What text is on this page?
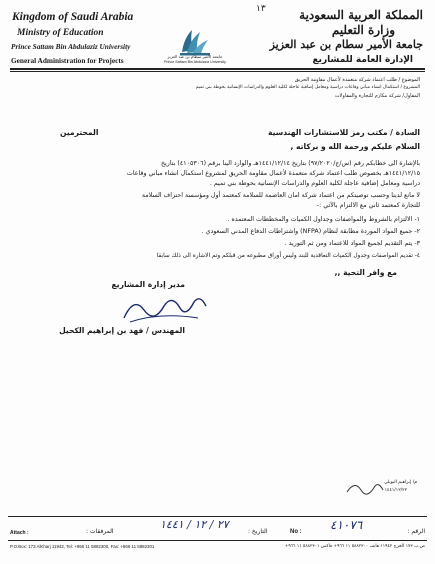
١٣
Kingdom of Saudi Arabia
Ministry of Education
Prince Sattam Bin Abdulaziz University
General Administration for Projects	جامعة الأمير سطام بن عبد العزيز
Prince Sattam Bin Abdulaziz University
المملكة العربية السعودية
وزارة التعليم
جامعة الأمير سطام بن عبد العزيز
الإدارة العامة للمشاريع
الموضوع / طلب اعتماد شركة متعمدة لأعمال مقاومة الحريق
المشروع / استكمال انشاء مباني وقاعات دراسية ومعامل إضافية عاجلة لكلية العلوم والدراسات الإنسانية بحوطة بني تميم
المقاول/ شركة مكارم للتجارة والمقاولات
السادة / مكتب رمز للاستشارات الهندسية
المحترمين
السلام عليكم ورحمة الله و بركاته ,
بالإشارة الى خطابكم رقم (س/ج/٩٧/٢٠٢٠) بتاريخ ١٤٤١/١٢/١٤هـ والوارد الينا برقم (٤١٠٥٣٠٦) بتاريخ
١٤٤١/١٢/١٥هـ بخصوص طلب اعتماد شركة متعمدة لأعمال مقاومة الحريق لمشروع استكمال انشاء مباني وقاعات
دراسية ومعامل إضافية عاجلة لكلية العلوم والدراسات الإنسانية بحوطة بني تميم .
لا مانع لدينا وحسب توصيتكم من اعتماد شركة امان العاصمة للسلامة كمعتمد أول ومؤسسة احتراف السلامة
للتجارة كمعتمد ثاني مع الالتزام بالآتي :-
١- الالتزام بالشروط والمواصفات وجداول الكميات والمخططات المعتمده .
٢- جميع المواد الموردة مطابقة لنظام (NFPA) واشتراطات الدفاع المدني السعودي .
٣- يتم التقديم لجميع المواد للاعتماد ومن ثم التوريد .
٤- تقديم المواصفات وجدول الكميات التعاقدية للبند وليس أوراق مطبوعه من قبلكم وتم الاشاره الى ذلك سابقا
مع وافر التحية ,,
مدير إدارة المشاريع
المهندس / فهد بن إبراهيم الكحيل
م/ إبراهيم البويلي
١٤٤١/١٢/٢٢
Attach :	المرفقات :
٢٧ / ١٢ / ١٤٤١
التاريخ :	No : ٤١٠٧٦	الرقم :
P.O.Box: 173 AlKharj 11942, Tel: +966 11 5882300, Fax: +966 11 5882301	ص.ب ١٧٣ الخرج ١١٩٤٢ هاتف ٥٨٨٢٣٠٠ ١١ ٩٦٦+ فاكس ٥٨٨٢٣٠١ ١١ ٩٦٦+
